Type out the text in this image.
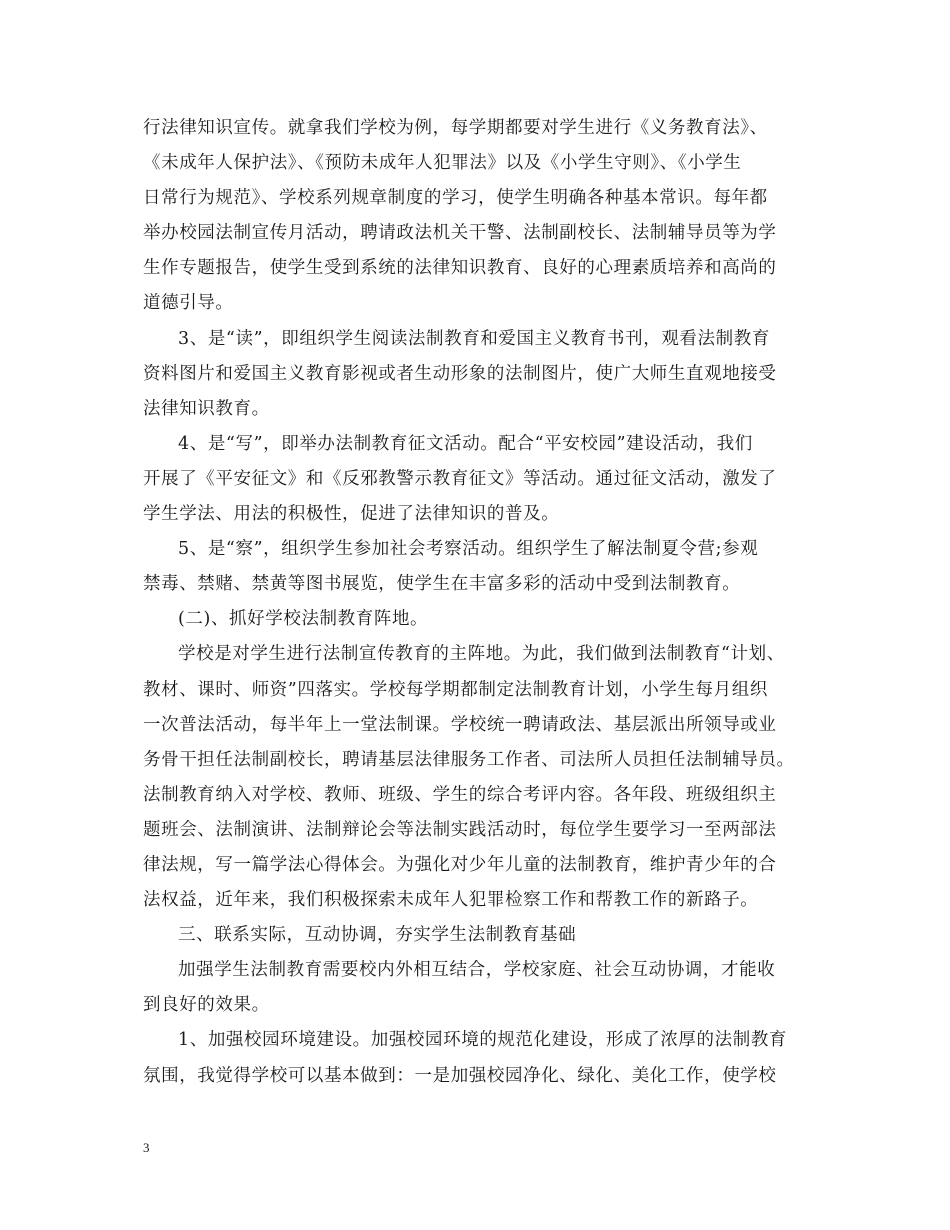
行法律知识宣传。就拿我们学校为例，每学期都要对学生进行《义务教育法》、
《未成年人保护法》、《预防未成年人犯罪法》以及《小学生守则》、《小学生
日常行为规范》、学校系列规章制度的学习，使学生明确各种基本常识。每年都
举办校园法制宣传月活动，聘请政法机关干警、法制副校长、法制辅导员等为学
生作专题报告，使学生受到系统的法律知识教育、良好的心理素质培养和高尚的
道德引导。
3、是“读”，即组织学生阅读法制教育和爱国主义教育书刊，观看法制教育
资料图片和爱国主义教育影视或者生动形象的法制图片，使广大师生直观地接受
法律知识教育。
4、是“写”，即举办法制教育征文活动。配合“平安校园”建设活动，我们
开展了《平安征文》和《反邪教警示教育征文》等活动。通过征文活动，激发了
学生学法、用法的积极性，促进了法律知识的普及。
5、是“察”，组织学生参加社会考察活动。组织学生了解法制夏令营;参观
禁毒、禁赌、禁黄等图书展览，使学生在丰富多彩的活动中受到法制教育。
(二)、抓好学校法制教育阵地。
学校是对学生进行法制宣传教育的主阵地。为此，我们做到法制教育“计划、
教材、课时、师资”四落实。学校每学期都制定法制教育计划，小学生每月组织
一次普法活动，每半年上一堂法制课。学校统一聘请政法、基层派出所领导或业
务骨干担任法制副校长，聘请基层法律服务工作者、司法所人员担任法制辅导员。
法制教育纳入对学校、教师、班级、学生的综合考评内容。各年段、班级组织主
题班会、法制演讲、法制辩论会等法制实践活动时，每位学生要学习一至两部法
律法规，写一篇学法心得体会。为强化对少年儿童的法制教育，维护青少年的合
法权益，近年来，我们积极探索未成年人犯罪检察工作和帮教工作的新路子。
三、联系实际，互动协调，夯实学生法制教育基础
加强学生法制教育需要校内外相互结合，学校家庭、社会互动协调，才能收
到良好的效果。
1、加强校园环境建设。加强校园环境的规范化建设，形成了浓厚的法制教育
氛围，我觉得学校可以基本做到：一是加强校园净化、绿化、美化工作，使学校
3
